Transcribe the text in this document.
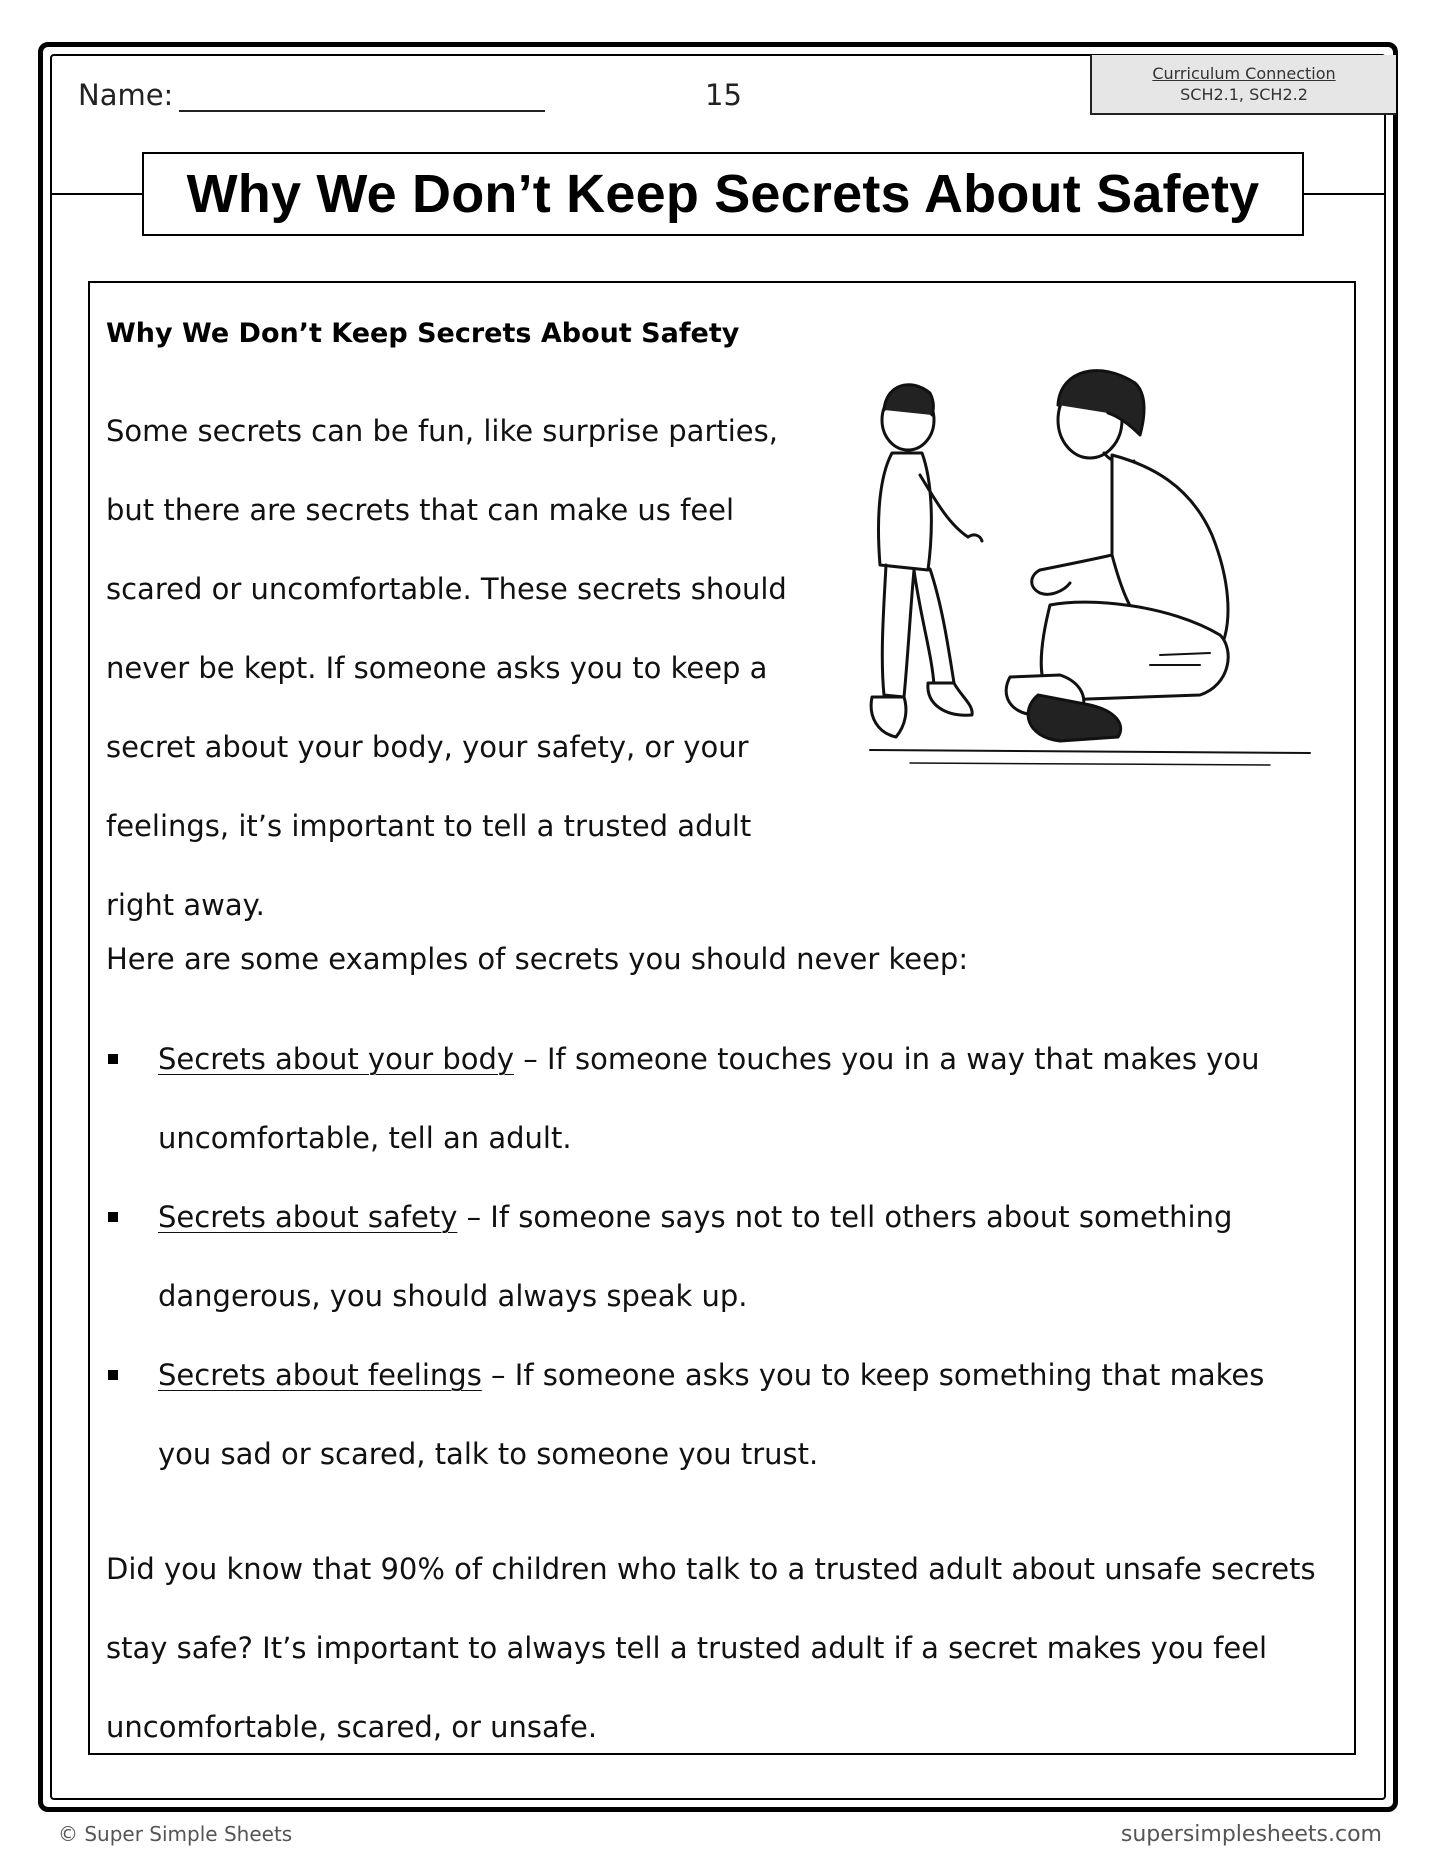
Name:	15
Curriculum Connection
SCH2.1, SCH2.2
Why We Don’t Keep Secrets About Safety
Why We Don’t Keep Secrets About Safety

Some secrets can be fun, like surprise parties,

but there are secrets that can make us feel

scared or uncomfortable. These secrets should

never be kept. If someone asks you to keep a

secret about your body, your safety, or your

feelings, it’s important to tell a trusted adult

right away.

Here are some examples of secrets you should never keep:
Secrets about your body – If someone touches you in a way that makes you
uncomfortable, tell an adult.
Secrets about safety – If someone says not to tell others about something
dangerous, you should always speak up.
Secrets about feelings – If someone asks you to keep something that makes
you sad or scared, talk to someone you trust.

Did you know that 90% of children who talk to a trusted adult about unsafe secrets

stay safe? It’s important to always tell a trusted adult if a secret makes you feel

uncomfortable, scared, or unsafe.

© Super Simple Sheets	supersimplesheets.com
